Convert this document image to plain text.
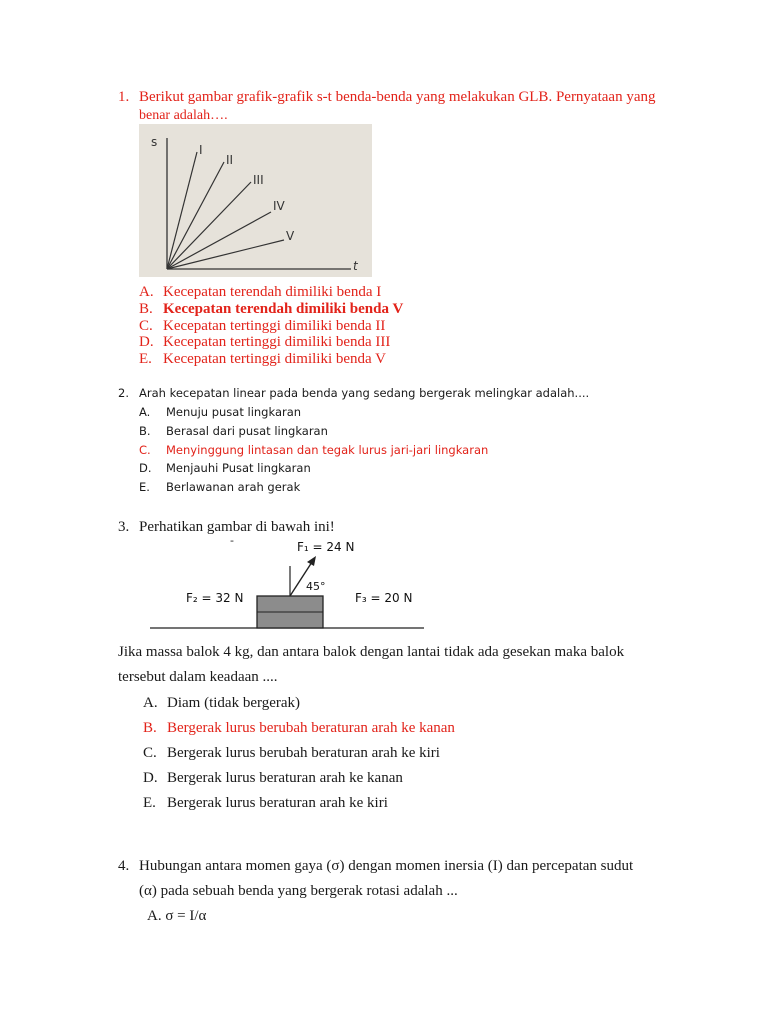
1. Berikut gambar grafik-grafik s-t benda-benda yang melakukan GLB. Pernyataan yang
benar adalah….
s
t
I
II
III
IV
V
A. Kecepatan terendah dimiliki benda I
B. Kecepatan terendah dimiliki benda V
C. Kecepatan tertinggi dimiliki benda II
D. Kecepatan tertinggi dimiliki benda III
E. Kecepatan tertinggi dimiliki benda V
2. Arah kecepatan linear pada benda yang sedang bergerak melingkar adalah....
A. Menuju pusat lingkaran
B. Berasal dari pusat lingkaran
C. Menyinggung lintasan dan tegak lurus jari-jari lingkaran
D. Menjauhi Pusat lingkaran
E. Berlawanan arah gerak
3. Perhatikan gambar di bawah ini!
-	F₁ = 24 N
45°
F₂ = 32 N	F₃ = 20 N
Jika massa balok 4 kg, dan antara balok dengan lantai tidak ada gesekan maka balok
tersebut dalam keadaan ....
A. Diam (tidak bergerak)
B. Bergerak lurus berubah beraturan arah ke kanan
C. Bergerak lurus berubah beraturan arah ke kiri
D. Bergerak lurus beraturan arah ke kanan
E. Bergerak lurus beraturan arah ke kiri
4. Hubungan antara momen gaya (σ) dengan momen inersia (I) dan percepatan sudut
(α) pada sebuah benda yang bergerak rotasi adalah ...
A. σ = I/α
